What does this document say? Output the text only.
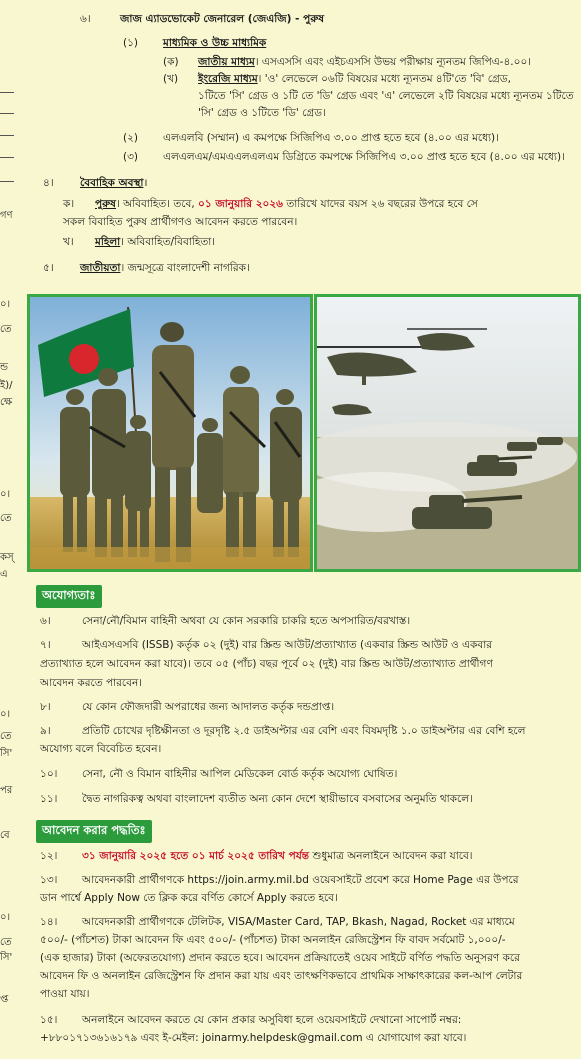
গণ
০।
তে
ন্ড
ই)/
ক্ষে
০।
তে
কস্
এ
০।
তে
সি'
পর
বে
০।
তে
সি'
প্ত
৬।	জাজ এ্যাডভোকেট জেনারেল (জেএজি) - পুরুষ
(১) মাধ্যমিক ও উচ্চ মাধ্যমিক
(ক) জাতীয় মাধ্যম। এসএসসি এবং এইচএসসি উভয় পরীক্ষায় ন্যূনতম জিপিএ-৪.০০।
(খ) ইংরেজি মাধ্যম। 'ও' লেভেলে ০৬টি বিষয়ের মধ্যে ন্যূনতম ৪টি'তে 'বি' গ্রেড,
১টিতে 'সি' গ্রেড ও ১টি তে 'ডি' গ্রেড এবং 'এ' লেভেলে ২টি বিষয়ের মধ্যে ন্যূনতম ১টিতে
'সি' গ্রেড ও ১টিতে 'ডি' গ্রেড।
(২) এলএলবি (সম্মান) এ কমপক্ষে সিজিপিএ ৩.০০ প্রাপ্ত হতে হবে (৪.০০ এর মধ্যে)।
(৩) এলএলএম/এমএএলএলএম ডিগ্রিতে কমপক্ষে সিজিপিএ ৩.০০ প্রাপ্ত হতে হবে (৪.০০ এর মধ্যে)।
৪।	বৈবাহিক অবস্থা।
ক। পুরুষ। অবিবাহিত। তবে, ০১ জানুয়ারি ২০২৬ তারিখে যাদের বয়স ২৬ বছরের উপরে হবে সে
সকল বিবাহিত পুরুষ প্রার্থীগণও আবেদন করতে পারবেন।
খ। মহিলা। অবিবাহিত/বিবাহিতা।
৫।	জাতীয়তা। জন্মসূত্রে বাংলাদেশী নাগরিক।
অযোগ্যতাঃ
৬।	সেনা/নৌ/বিমান বাহিনী অথবা যে কোন সরকারি চাকরি হতে অপসারিত/বরখাস্ত।
৭।	আইএসএসবি (ISSB) কর্তৃক ০২ (দুই) বার স্ক্রিন্ড আউট/প্রত্যাখ্যাত (একবার স্ক্রিন্ড আউট ও একবার
প্রত্যাখ্যাত হলে আবেদন করা যাবে)। তবে ০৫ (পাঁচ) বছর পূর্বে ০২ (দুই) বার স্ক্রিন্ড আউট/প্রত্যাখ্যাত প্রার্থীগণ
আবেদন করতে পারবেন।
৮।	যে কোন ফৌজদারী অপরাধের জন্য আদালত কর্তৃক দন্ডপ্রাপ্ত।
৯।	প্রতিটি চোখের দৃষ্টিক্ষীনতা ও দূরদৃষ্টি ২.৫ ডাইঅপ্টার এর বেশি এবং বিষমদৃষ্টি ১.০ ডাইঅপ্টার এর বেশি হলে
অযোগ্য বলে বিবেচিত হবেন।
১০। সেনা, নৌ ও বিমান বাহিনীর আপিল মেডিকেল বোর্ড কর্তৃক অযোগ্য ঘোষিত।
১১। দ্বৈত নাগরিকত্ব অথবা বাংলাদেশ ব্যতীত অন্য কোন দেশে স্থায়ীভাবে বসবাসের অনুমতি থাকলে।
আবেদন করার পদ্ধতিঃ
১২। ৩১ জানুয়ারি ২০২৫ হতে ০১ মার্চ ২০২৫ তারিখ পর্যন্ত শুধুমাত্র অনলাইনে আবেদন করা যাবে।
১৩। আবেদনকারী প্রার্থীগণকে https://join.army.mil.bd ওয়েবসাইটে প্রবেশ করে Home Page এর উপরে
ডান পার্শ্বে Apply Now তে ক্লিক করে বর্ণিত কোর্সে Apply করতে হবে।
১৪। আবেদনকারী প্রার্থীগণকে টেলিটক, VISA/Master Card, TAP, Bkash, Nagad, Rocket এর মাধ্যমে
৫০০/- (পাঁচশত) টাকা আবেদন ফি এবং ৫০০/- (পাঁচশত) টাকা অনলাইন রেজিস্ট্রেশন ফি বাবদ সর্বমোট ১,০০০/-
(এক হাজার) টাকা (অফেরতযোগ্য) প্রদান করতে হবে। আবেদন প্রক্রিয়াতেই ওয়েব সাইটে বর্ণিত পদ্ধতি অনুসরণ করে
আবেদন ফি ও অনলাইন রেজিস্ট্রেশন ফি প্রদান করা যায় এবং তাৎক্ষণিকভাবে প্রাথমিক সাক্ষাৎকারের কল-আপ লেটার
পাওয়া যায়।
১৫। অনলাইনে আবেদন করতে যে কোন প্রকার অসুবিধা হলে ওয়েবসাইটে দেখানো সাপোর্ট নম্বর:
+৮৮০১৭১৩৬১৬১৭৯ এবং ই-মেইল: joinarmy.helpdesk@gmail.com এ যোগাযোগ করা যাবে।
